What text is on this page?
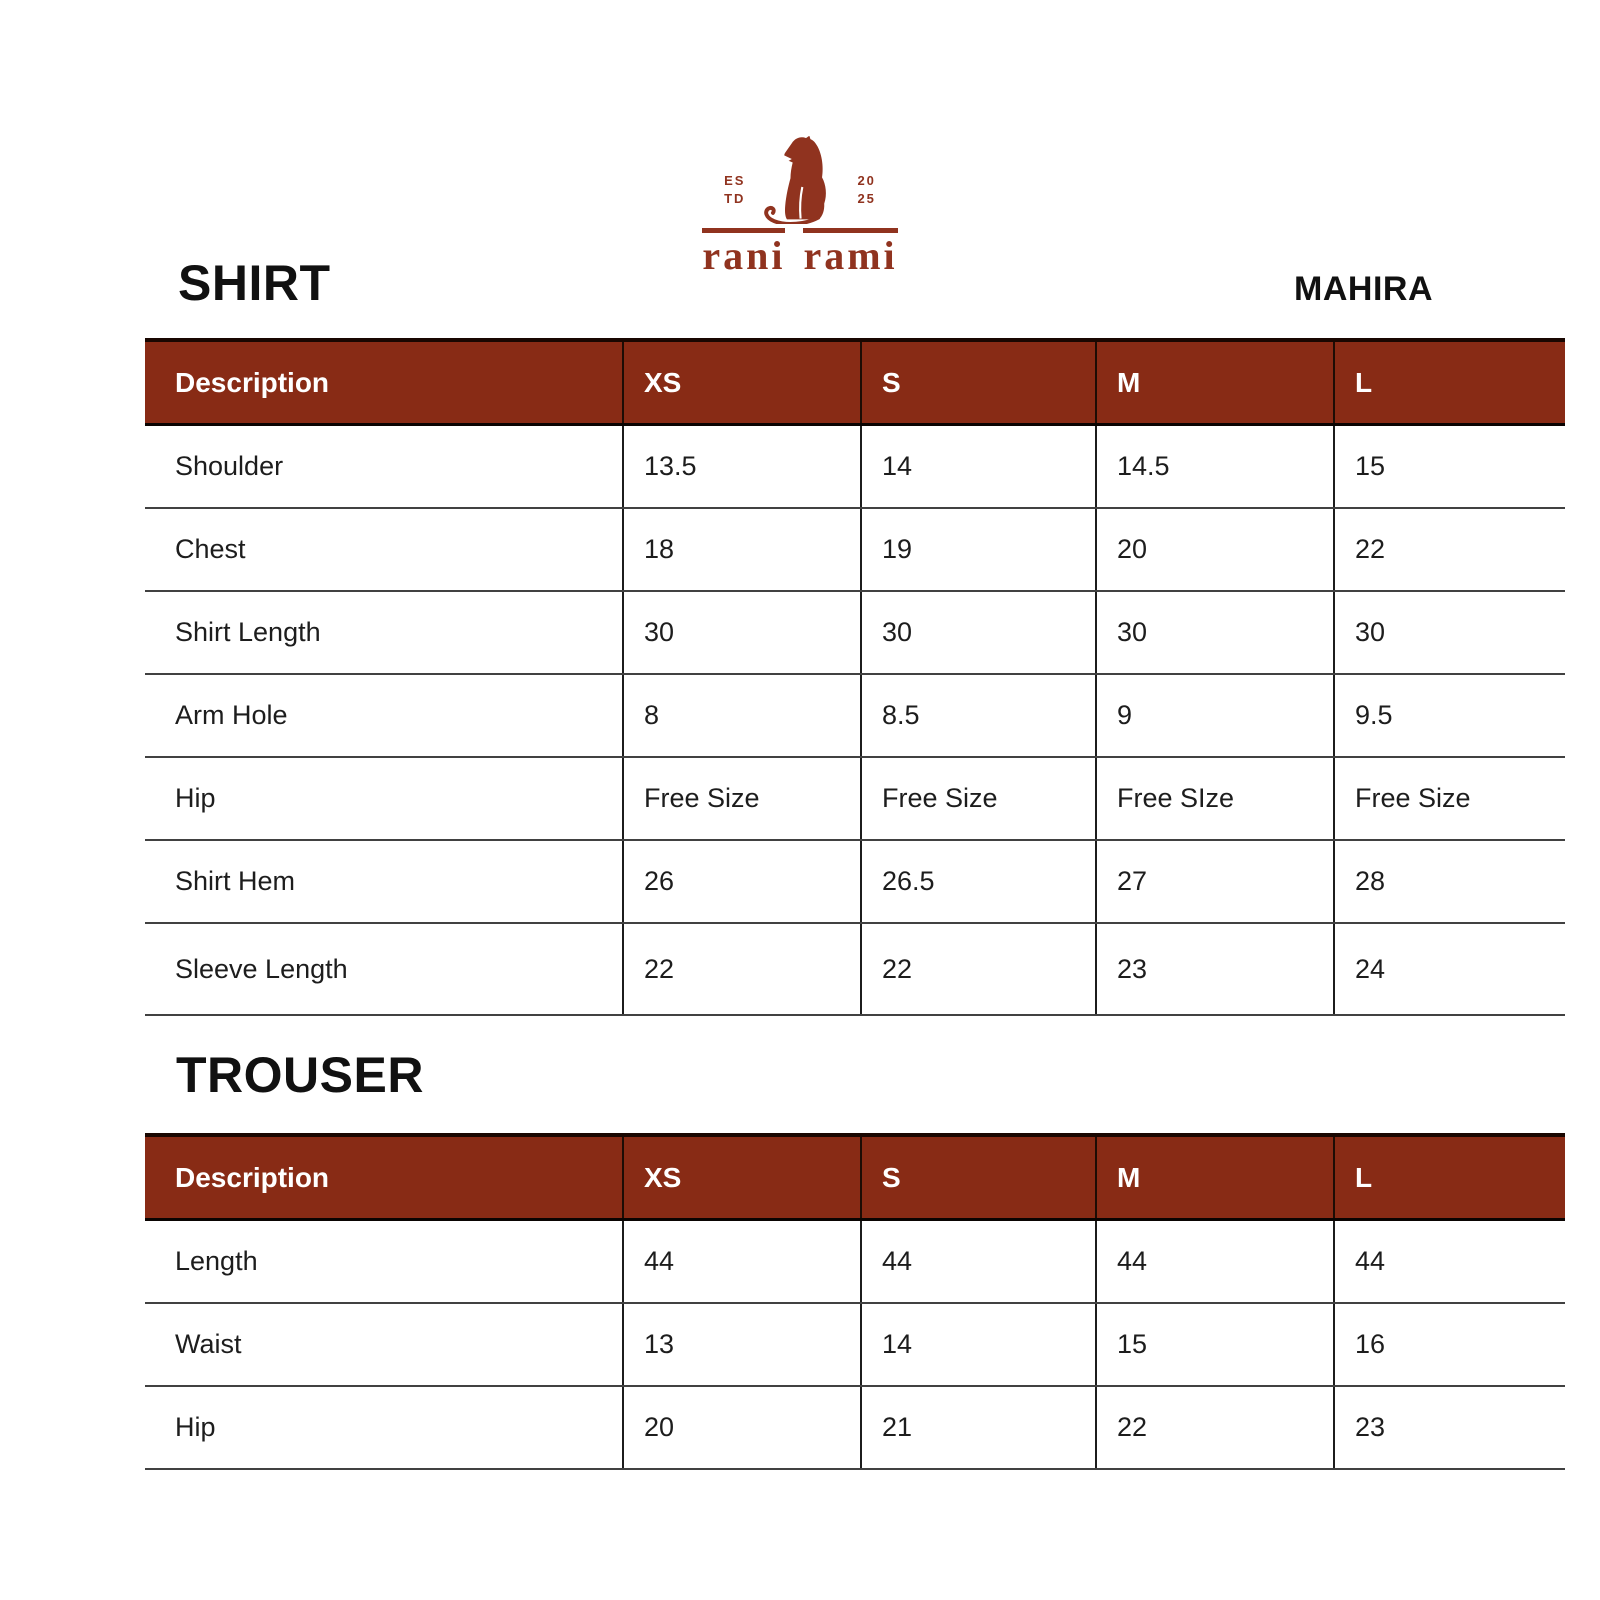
ES
TD
20
25
rani rami
SHIRT	MAHIRA
TROUSER
Description	XS	S	M	L
Shoulder	13.5	14	14.5	15
Chest	18	19	20	22
Shirt Length	30	30	30	30
Arm Hole	8	8.5	9	9.5
Hip	Free Size	Free Size	Free SIze	Free Size
Shirt Hem	26	26.5	27	28
Sleeve Length	22	22	23	24
Description	XS	S	M	L
Length	44	44	44	44
Waist	13	14	15	16
Hip	20	21	22	23
